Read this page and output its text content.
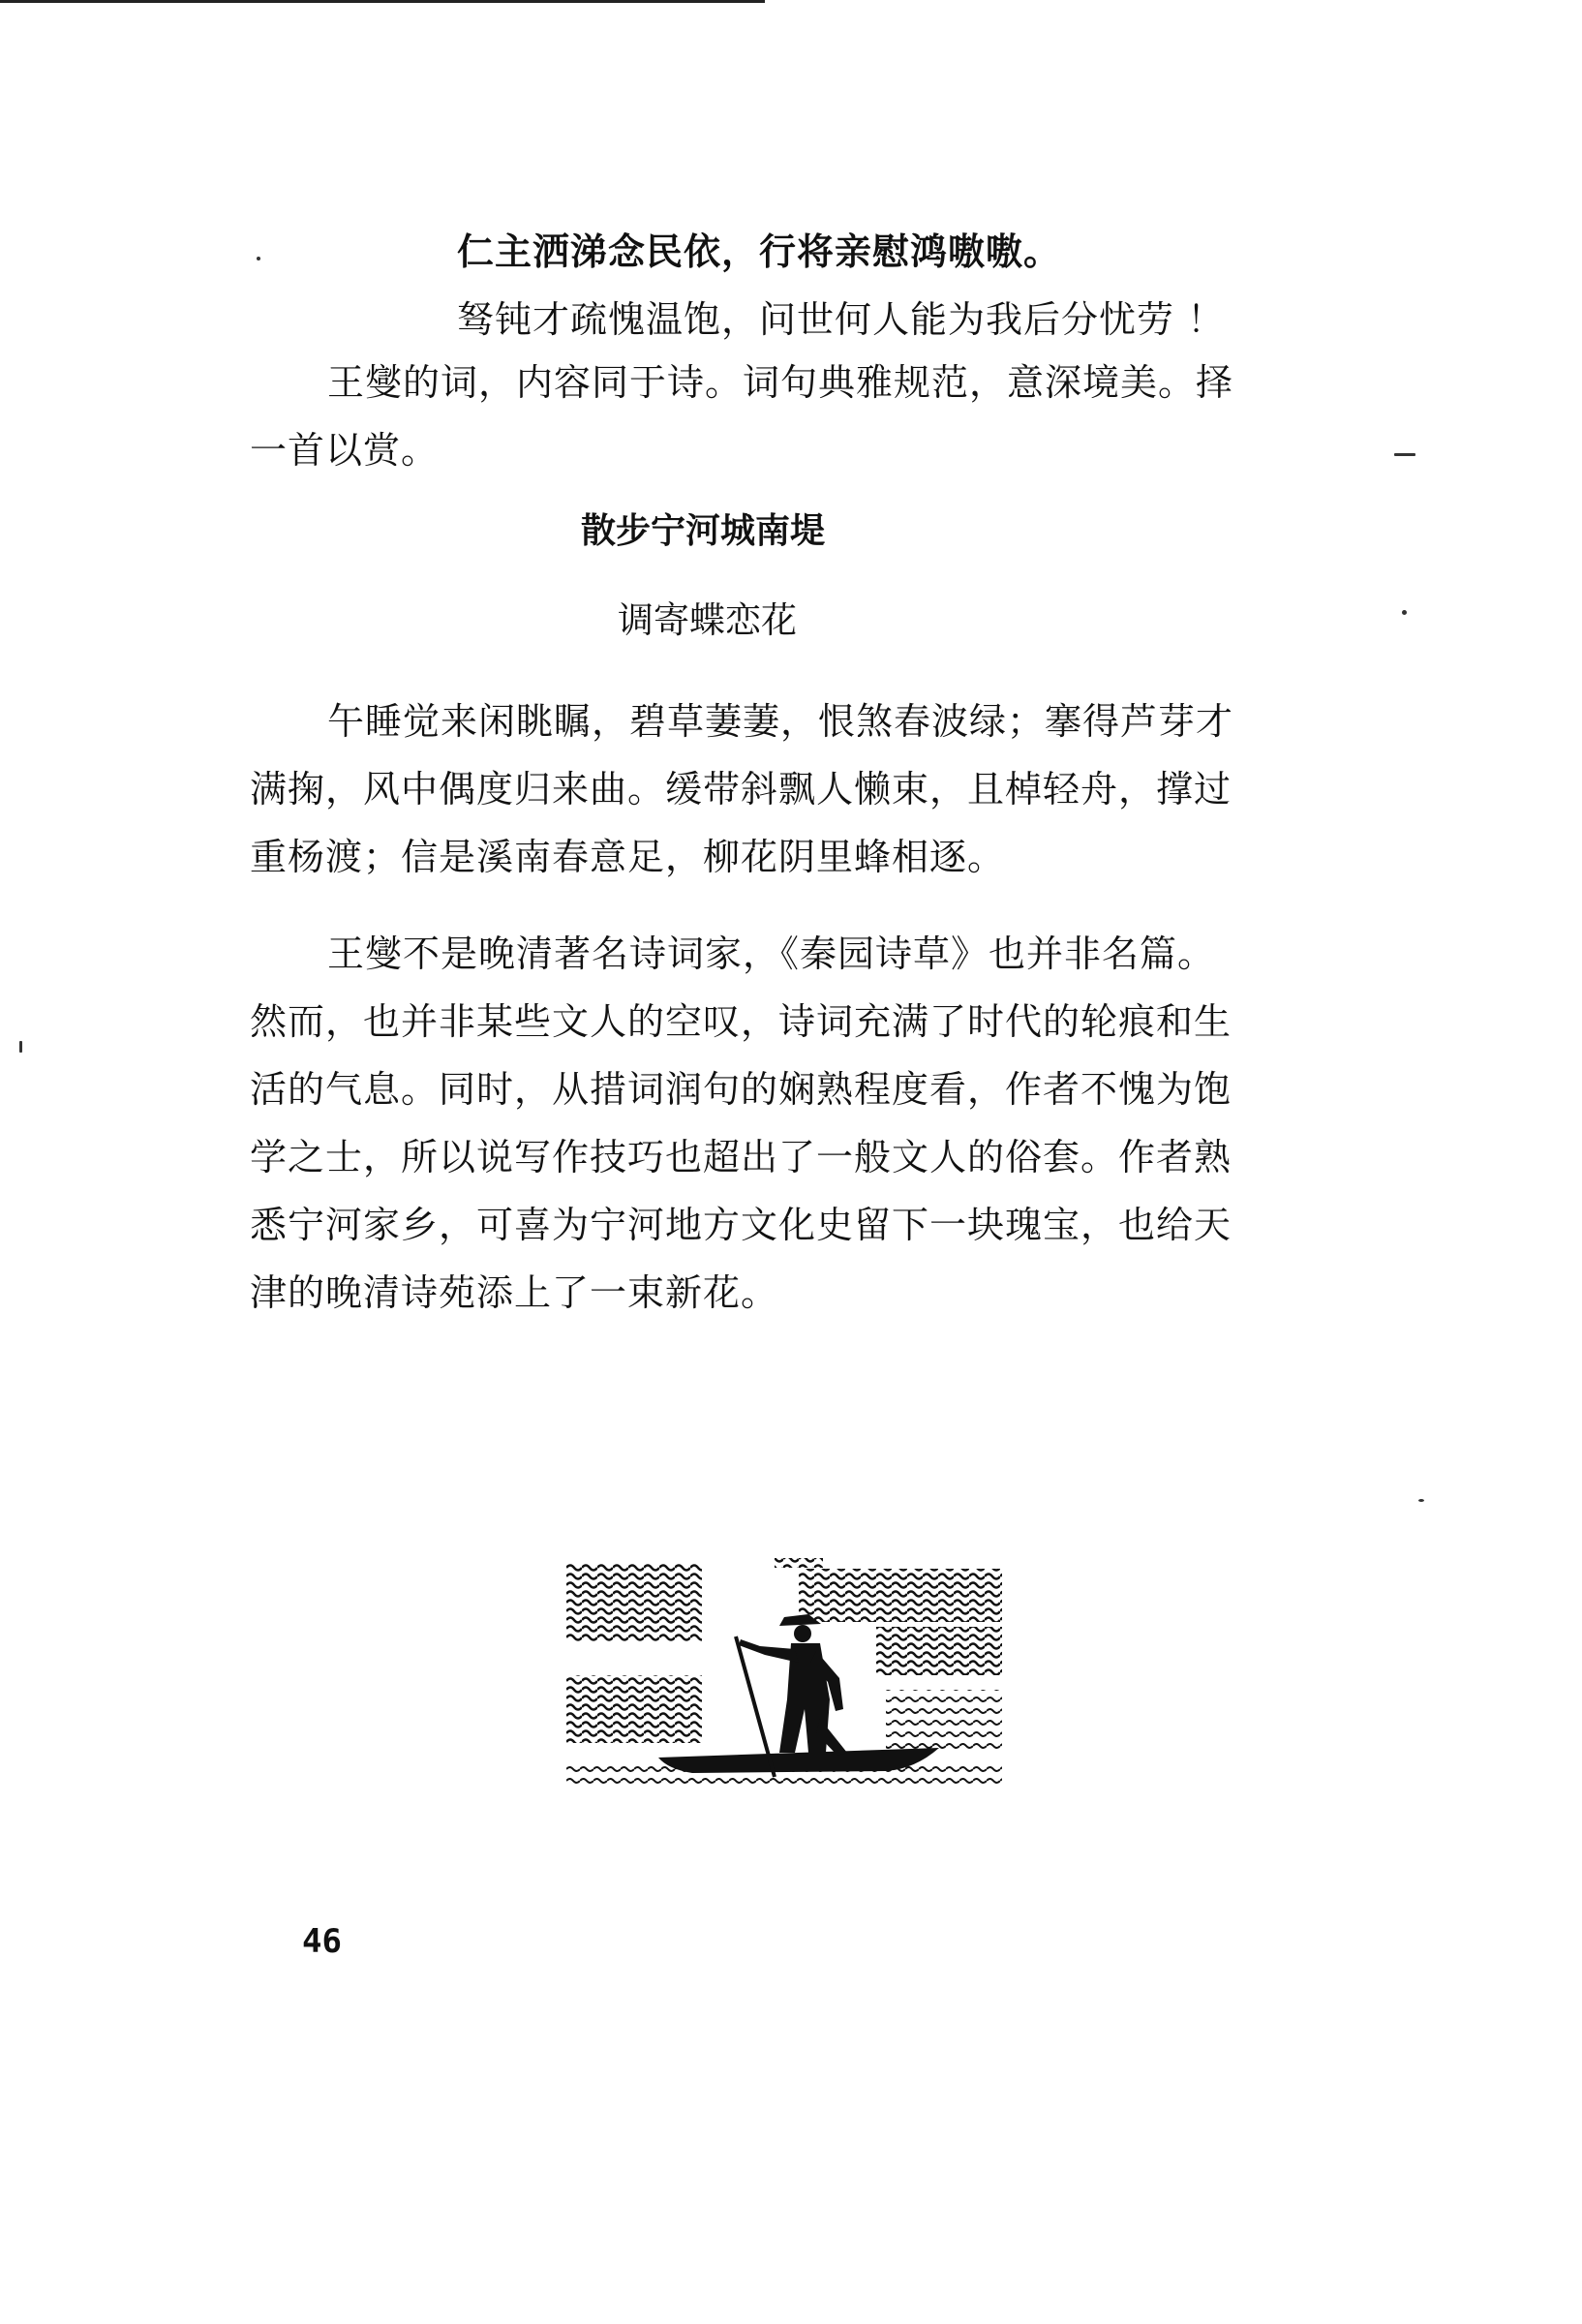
仁主洒涕念民依，行将亲慰鸿嗷嗷。
驽钝才疏愧温饱，问世何人能为我后分忧劳 ！
王燮的词，内容同于诗。词句典雅规范，意深境美。择
一首以赏。
散步宁河城南堤
调寄蝶恋花
午睡觉来闲眺瞩，碧草萋萋，恨煞春波绿；搴得芦芽才
满掬，风中偶度归来曲。缓带斜飘人懒束，且棹轻舟，撑过
重杨渡；信是溪南春意足，柳花阴里蜂相逐。
王燮不是晚清著名诗词家，《秦园诗草》也并非名篇。
然而，也并非某些文人的空叹，诗词充满了时代的轮痕和生
活的气息。同时，从措词润句的娴熟程度看，作者不愧为饱
学之士，所以说写作技巧也超出了一般文人的俗套。作者熟
悉宁河家乡，可喜为宁河地方文化史留下一块瑰宝，也给天
津的晚清诗苑添上了一束新花。
46
